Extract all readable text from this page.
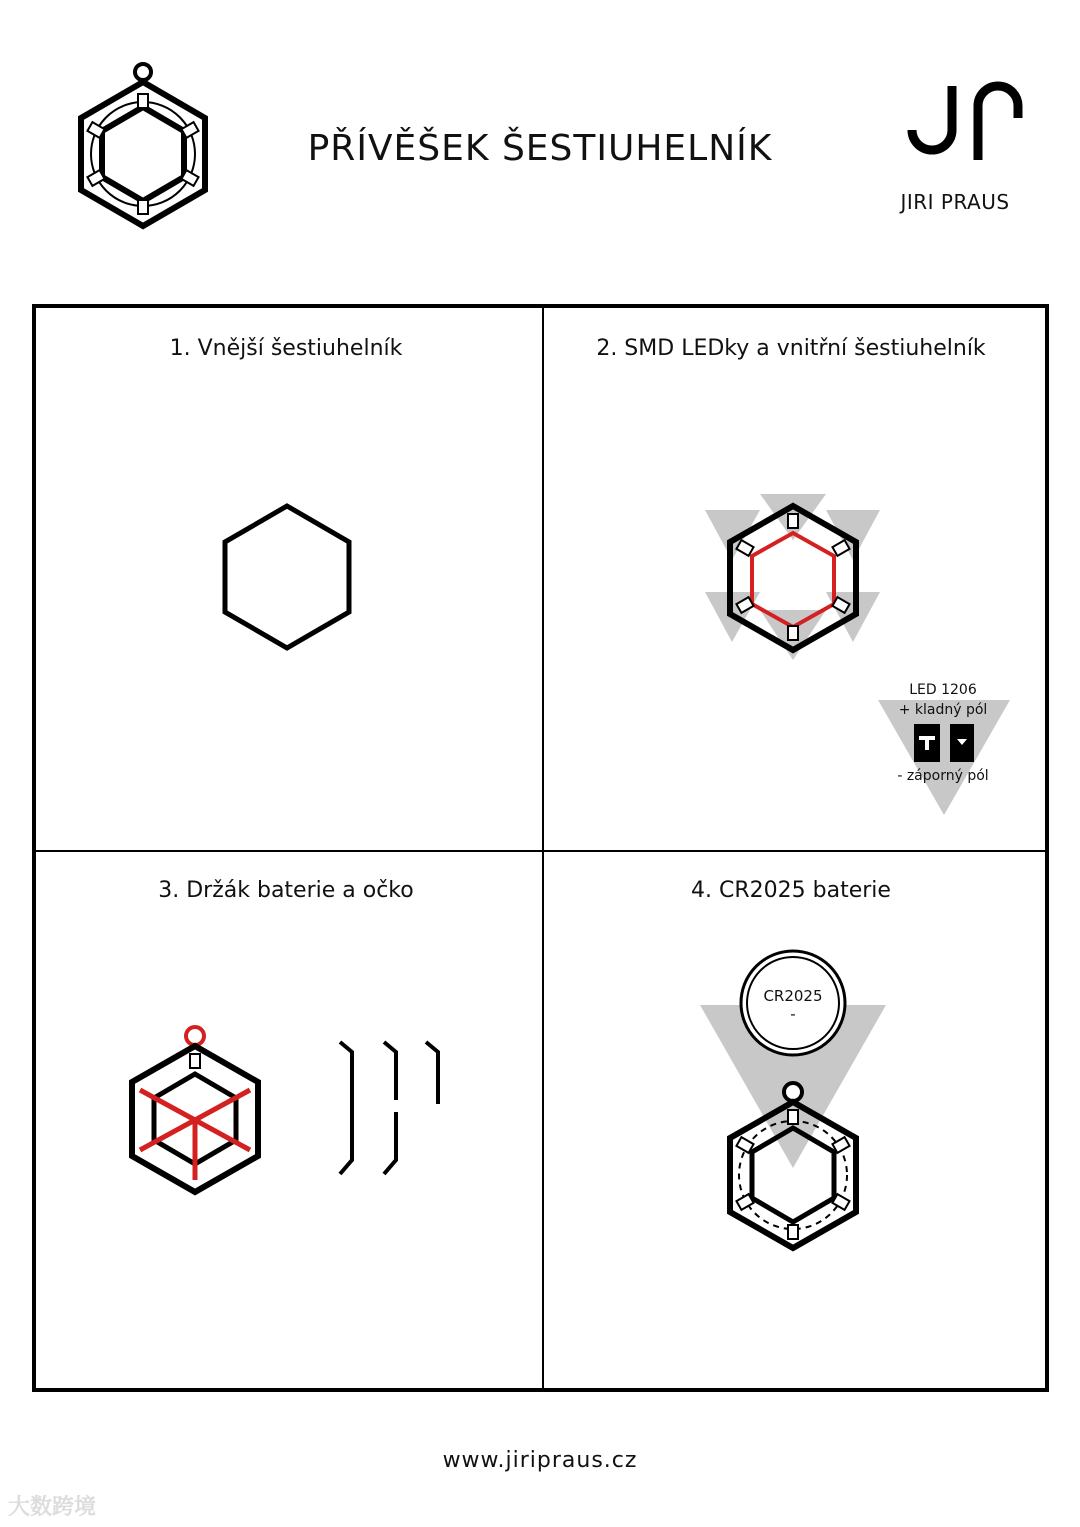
PŘÍVĚŠEK ŠESTIUHELNÍK
JIRI PRAUS
1. Vnější šestiuhelník	2. SMD LEDky a vnitřní šestiuhelník
3. Držák baterie a očko	4. CR2025 baterie
LED 1206
+ kladný pól
- záporný pól
CR2025
-
www.jiripraus.cz
大数跨境
